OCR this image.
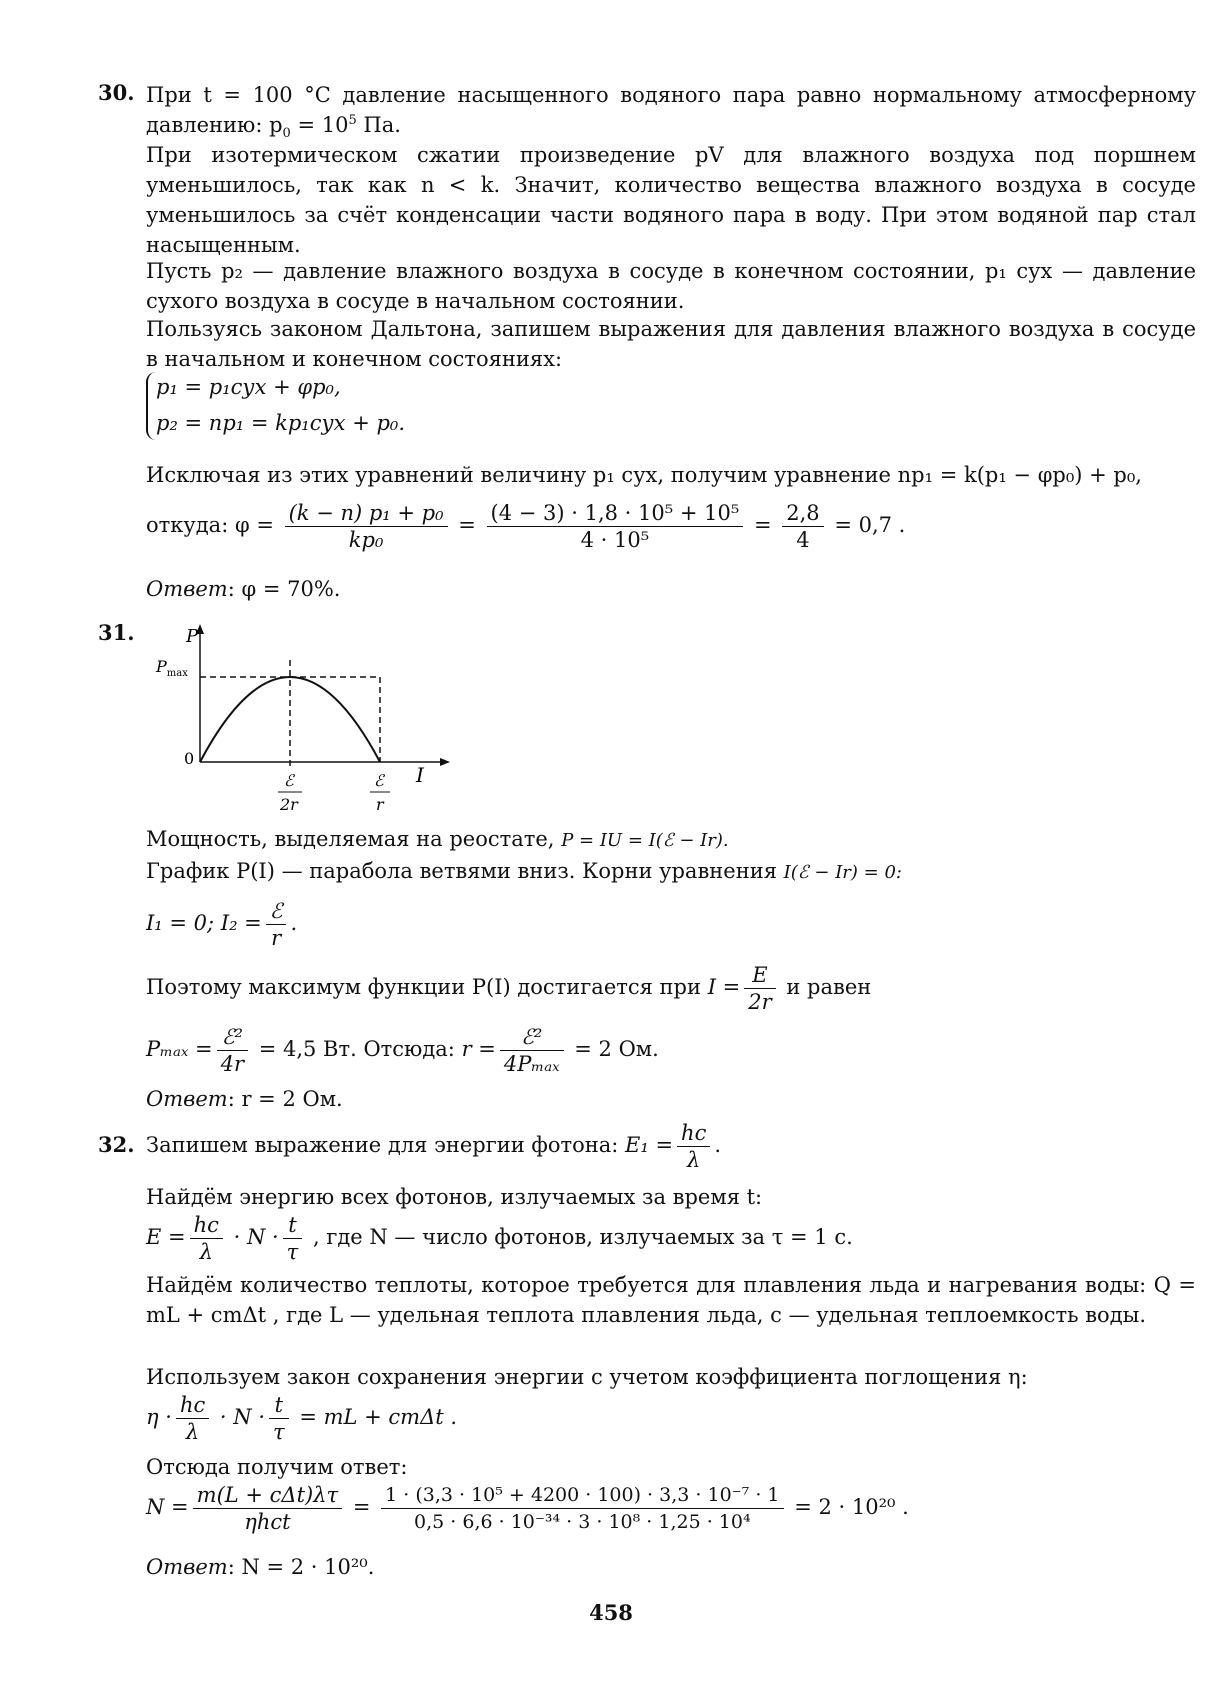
30. При t = 100 °C давление насыщенного водяного пара равно нормальному атмосферному давлению: $p_0 = 10^5$ Па.
При изотермическом сжатии произведение pV для влажного воздуха под поршнем уменьшилось, так как n < k. Значит, количество вещества влажного воздуха в сосуде уменьшилось за счёт конденсации части водяного пара в воду. При этом водяной пар стал насыщенным.
Пусть p₂ — давление влажного воздуха в сосуде в конечном состоянии, p₁ сух — давление сухого воздуха в сосуде в начальном состоянии.
Пользуясь законом Дальтона, запишем выражения для давления влажного воздуха в сосуде в начальном и конечном состояниях:
p₁ = p₁сух + φp₀,
p₂ = np₁ = kp₁сух + p₀.
Исключая из этих уравнений величину p₁ сух, получим уравнение np₁ = k(p₁ − φp₀) + p₀,
откуда: $\varphi = \frac{\text{(k − n) p₁ + p₀}}{\text{kp₀}} = \frac{\text{(4 − 3) · 1,8 · 10⁵ + 10⁵}}{\text{4 · 10⁵}} = \frac{2,8}{4} = 0,7$ .
Ответ: φ = 70%.
31.	P
I
$P_{max}$
0
ℰ
2r
ℰ
r
Мощность, выделяемая на реостате, P = IU = I(ℰ − Ir).
График P(I) — парабола ветвями вниз. Корни уравнения I(ℰ − Ir) = 0:
I₁ = 0; $I_2 = \frac{\text{ℰ}}{r}$ .
Поэтому максимум функции P(I) достигается при $I = \frac{E}{2r}$ и равен
$P_{max} = \frac{\text{ℰ²}}{4r} = 4,5$ Вт. Отсюда: $r = \frac{\text{ℰ²}}{\text{4Pₘₐₓ}} = 2$ Ом.
Ответ: r = 2 Ом.
32. Запишем выражение для энергии фотона: $E_1 = \frac{hc}{\lambda}$ .
Найдём энергию всех фотонов, излучаемых за время t:
$E = \frac{hc}{\lambda} \cdot N \cdot \frac{t}{\tau}$ , где N — число фотонов, излучаемых за τ = 1 с.
Найдём количество теплоты, которое требуется для плавления льда и нагревания воды: Q = mL + cmΔt , где L — удельная теплота плавления льда, c — удельная теплоемкость воды.
Используем закон сохранения энергии с учетом коэффициента поглощения η:
$\eta \cdot \frac{hc}{\lambda} \cdot N \cdot \frac{t}{\tau}$ = mL + cmΔt .
Отсюда получим ответ:
$N = \frac{\text{m(L + cΔt)λτ}}{\text{ηhct}} = \frac{\text{1 · (3,3 · 10⁵ + 4200 · 100) · 3,3 · 10⁻⁷ · 1}}{\text{0,5 · 6,6 · 10⁻³⁴ · 3 · 10⁸ · 1,25 · 10⁴}} = 2 \cdot 10^{20}$ .
Ответ: N = 2 · 10²⁰.
458
